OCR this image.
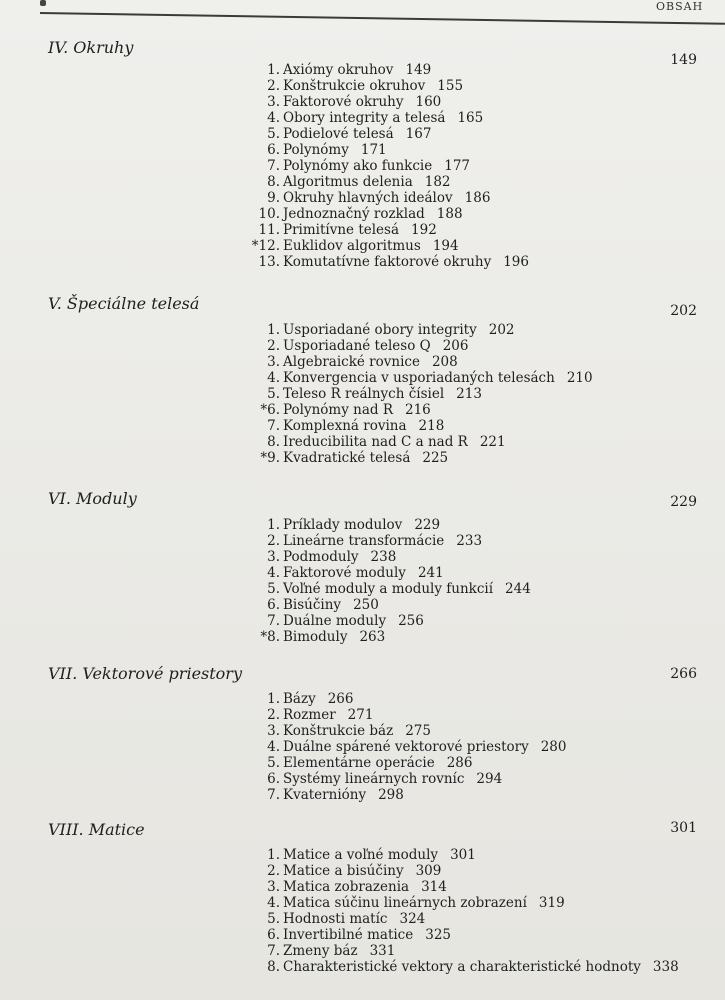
OBSAH
IV. Okruhy
149
1. Axiómy okruhov 149
2. Konštrukcie okruhov 155
3. Faktorové okruhy 160
4. Obory integrity a telesá 165
5. Podielové telesá 167
6. Polynómy 171
7. Polynómy ako funkcie 177
8. Algoritmus delenia 182
9. Okruhy hlavných ideálov 186
10. Jednoznačný rozklad 188
11. Primitívne telesá 192
*12. Euklidov algoritmus 194
13. Komutatívne faktorové okruhy 196
V. Špeciálne telesá	202
1. Usporiadané obory integrity 202
2. Usporiadané teleso Q 206
3. Algebraické rovnice 208
4. Konvergencia v usporiadaných telesách 210
5. Teleso R reálnych čísiel 213
*6. Polynómy nad R 216
7. Komplexná rovina 218
8. Ireducibilita nad C a nad R 221
*9. Kvadratické telesá 225
VI. Moduly	229
1. Príklady modulov 229
2. Lineárne transformácie 233
3. Podmoduly 238
4. Faktorové moduly 241
5. Voľné moduly a moduly funkcií 244
6. Bisúčiny 250
7. Duálne moduly 256
*8. Bimoduly 263
VII. Vektorové priestory	266
1. Bázy 266
2. Rozmer 271
3. Konštrukcie báz 275
4. Duálne spárené vektorové priestory 280
5. Elementárne operácie 286
6. Systémy lineárnych rovníc 294
7. Kvaternióny 298
VIII. Matice	301
1. Matice a voľné moduly 301
2. Matice a bisúčiny 309
3. Matica zobrazenia 314
4. Matica súčinu lineárnych zobrazení 319
5. Hodnosti matíc 324
6. Invertibilné matice 325
7. Zmeny báz 331
8. Charakteristické vektory a charakteristické hodnoty 338
